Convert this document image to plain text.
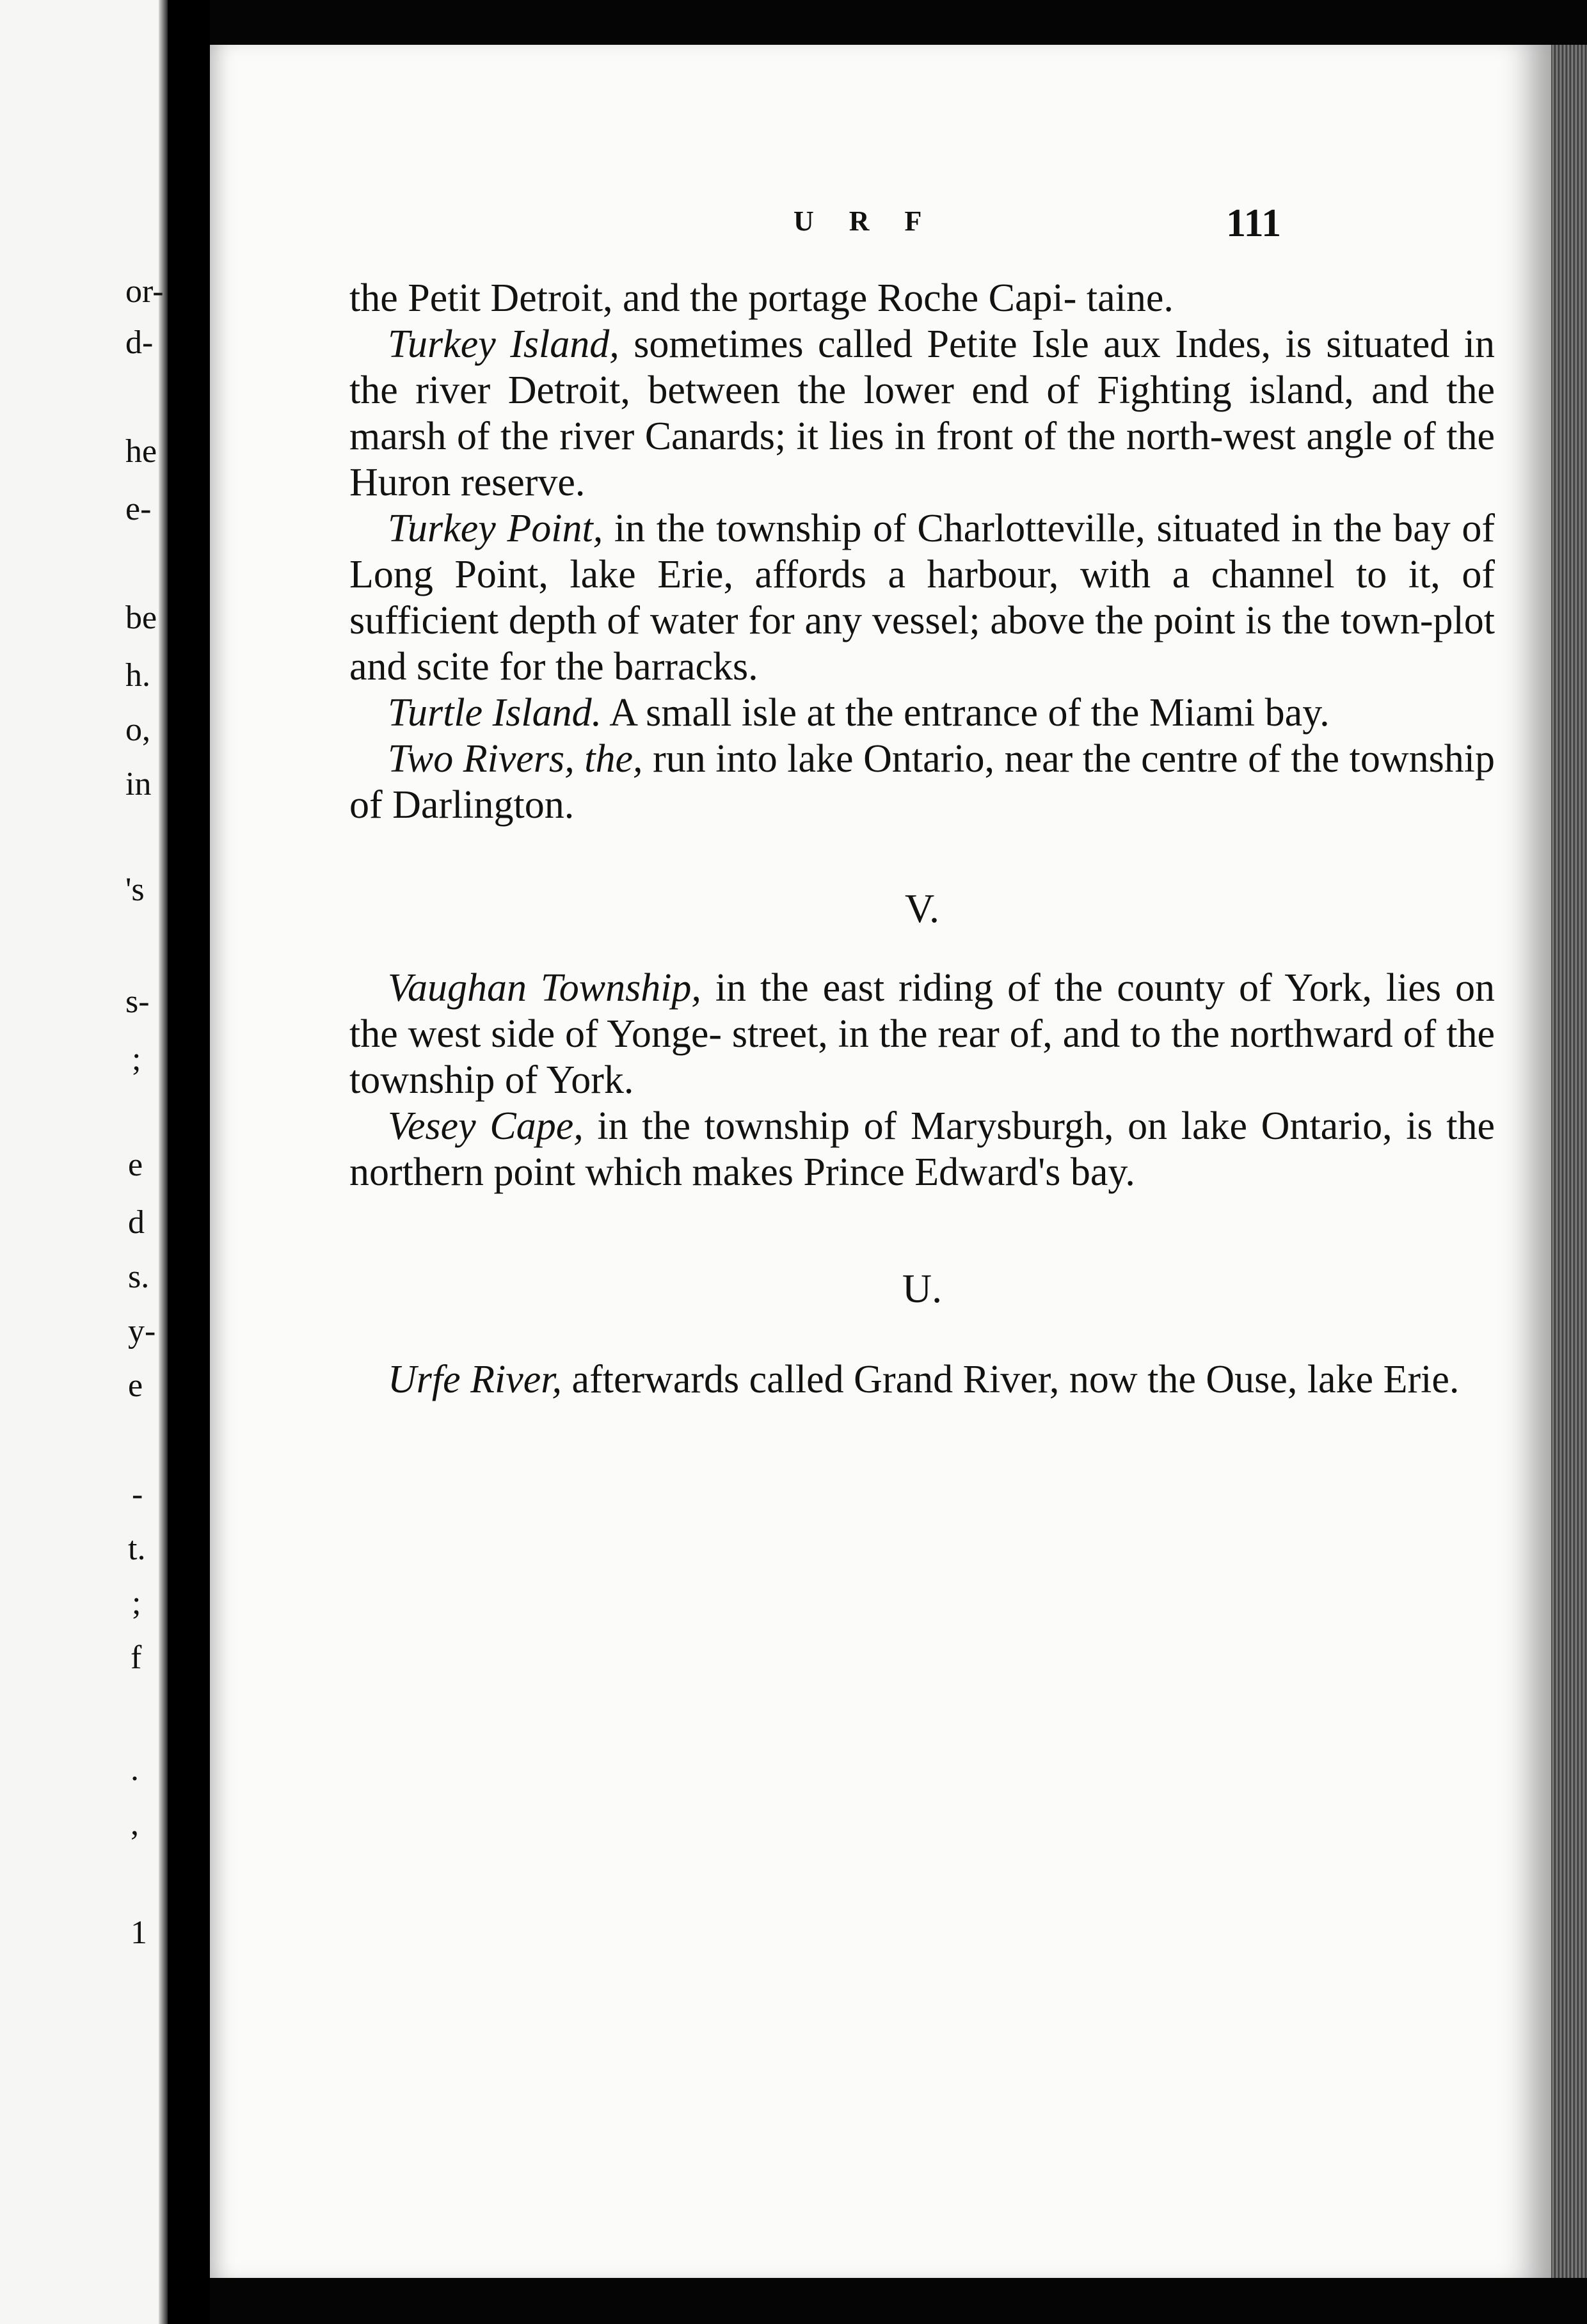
or-
d-
he
e-
be
h.
o,
in
's
s-
;
e
d
s.
y-
e
-
t.
;
f
.
,
1
U R F	111

the Petit Detroit, and the portage Roche Capi- taine.

Turkey Island, sometimes called Petite Isle aux Indes, is situated in the river Detroit, between the lower end of Fighting island, and the marsh of the river Canards; it lies in front of the north-west angle of the Huron reserve.

Turkey Point, in the township of Charlotteville, situated in the bay of Long Point, lake Erie, affords a harbour, with a channel to it, of sufficient depth of water for any vessel; above the point is the town-plot and scite for the barracks.

Turtle Island. A small isle at the entrance of the Miami bay.

Two Rivers, the, run into lake Ontario, near the centre of the township of Darlington.

V.

Vaughan Township, in the east riding of the county of York, lies on the west side of Yonge- street, in the rear of, and to the northward of the township of York.

Vesey Cape, in the township of Marysburgh, on lake Ontario, is the northern point which makes Prince Edward's bay.

U.

Urfe River, afterwards called Grand River, now the Ouse, lake Erie.
